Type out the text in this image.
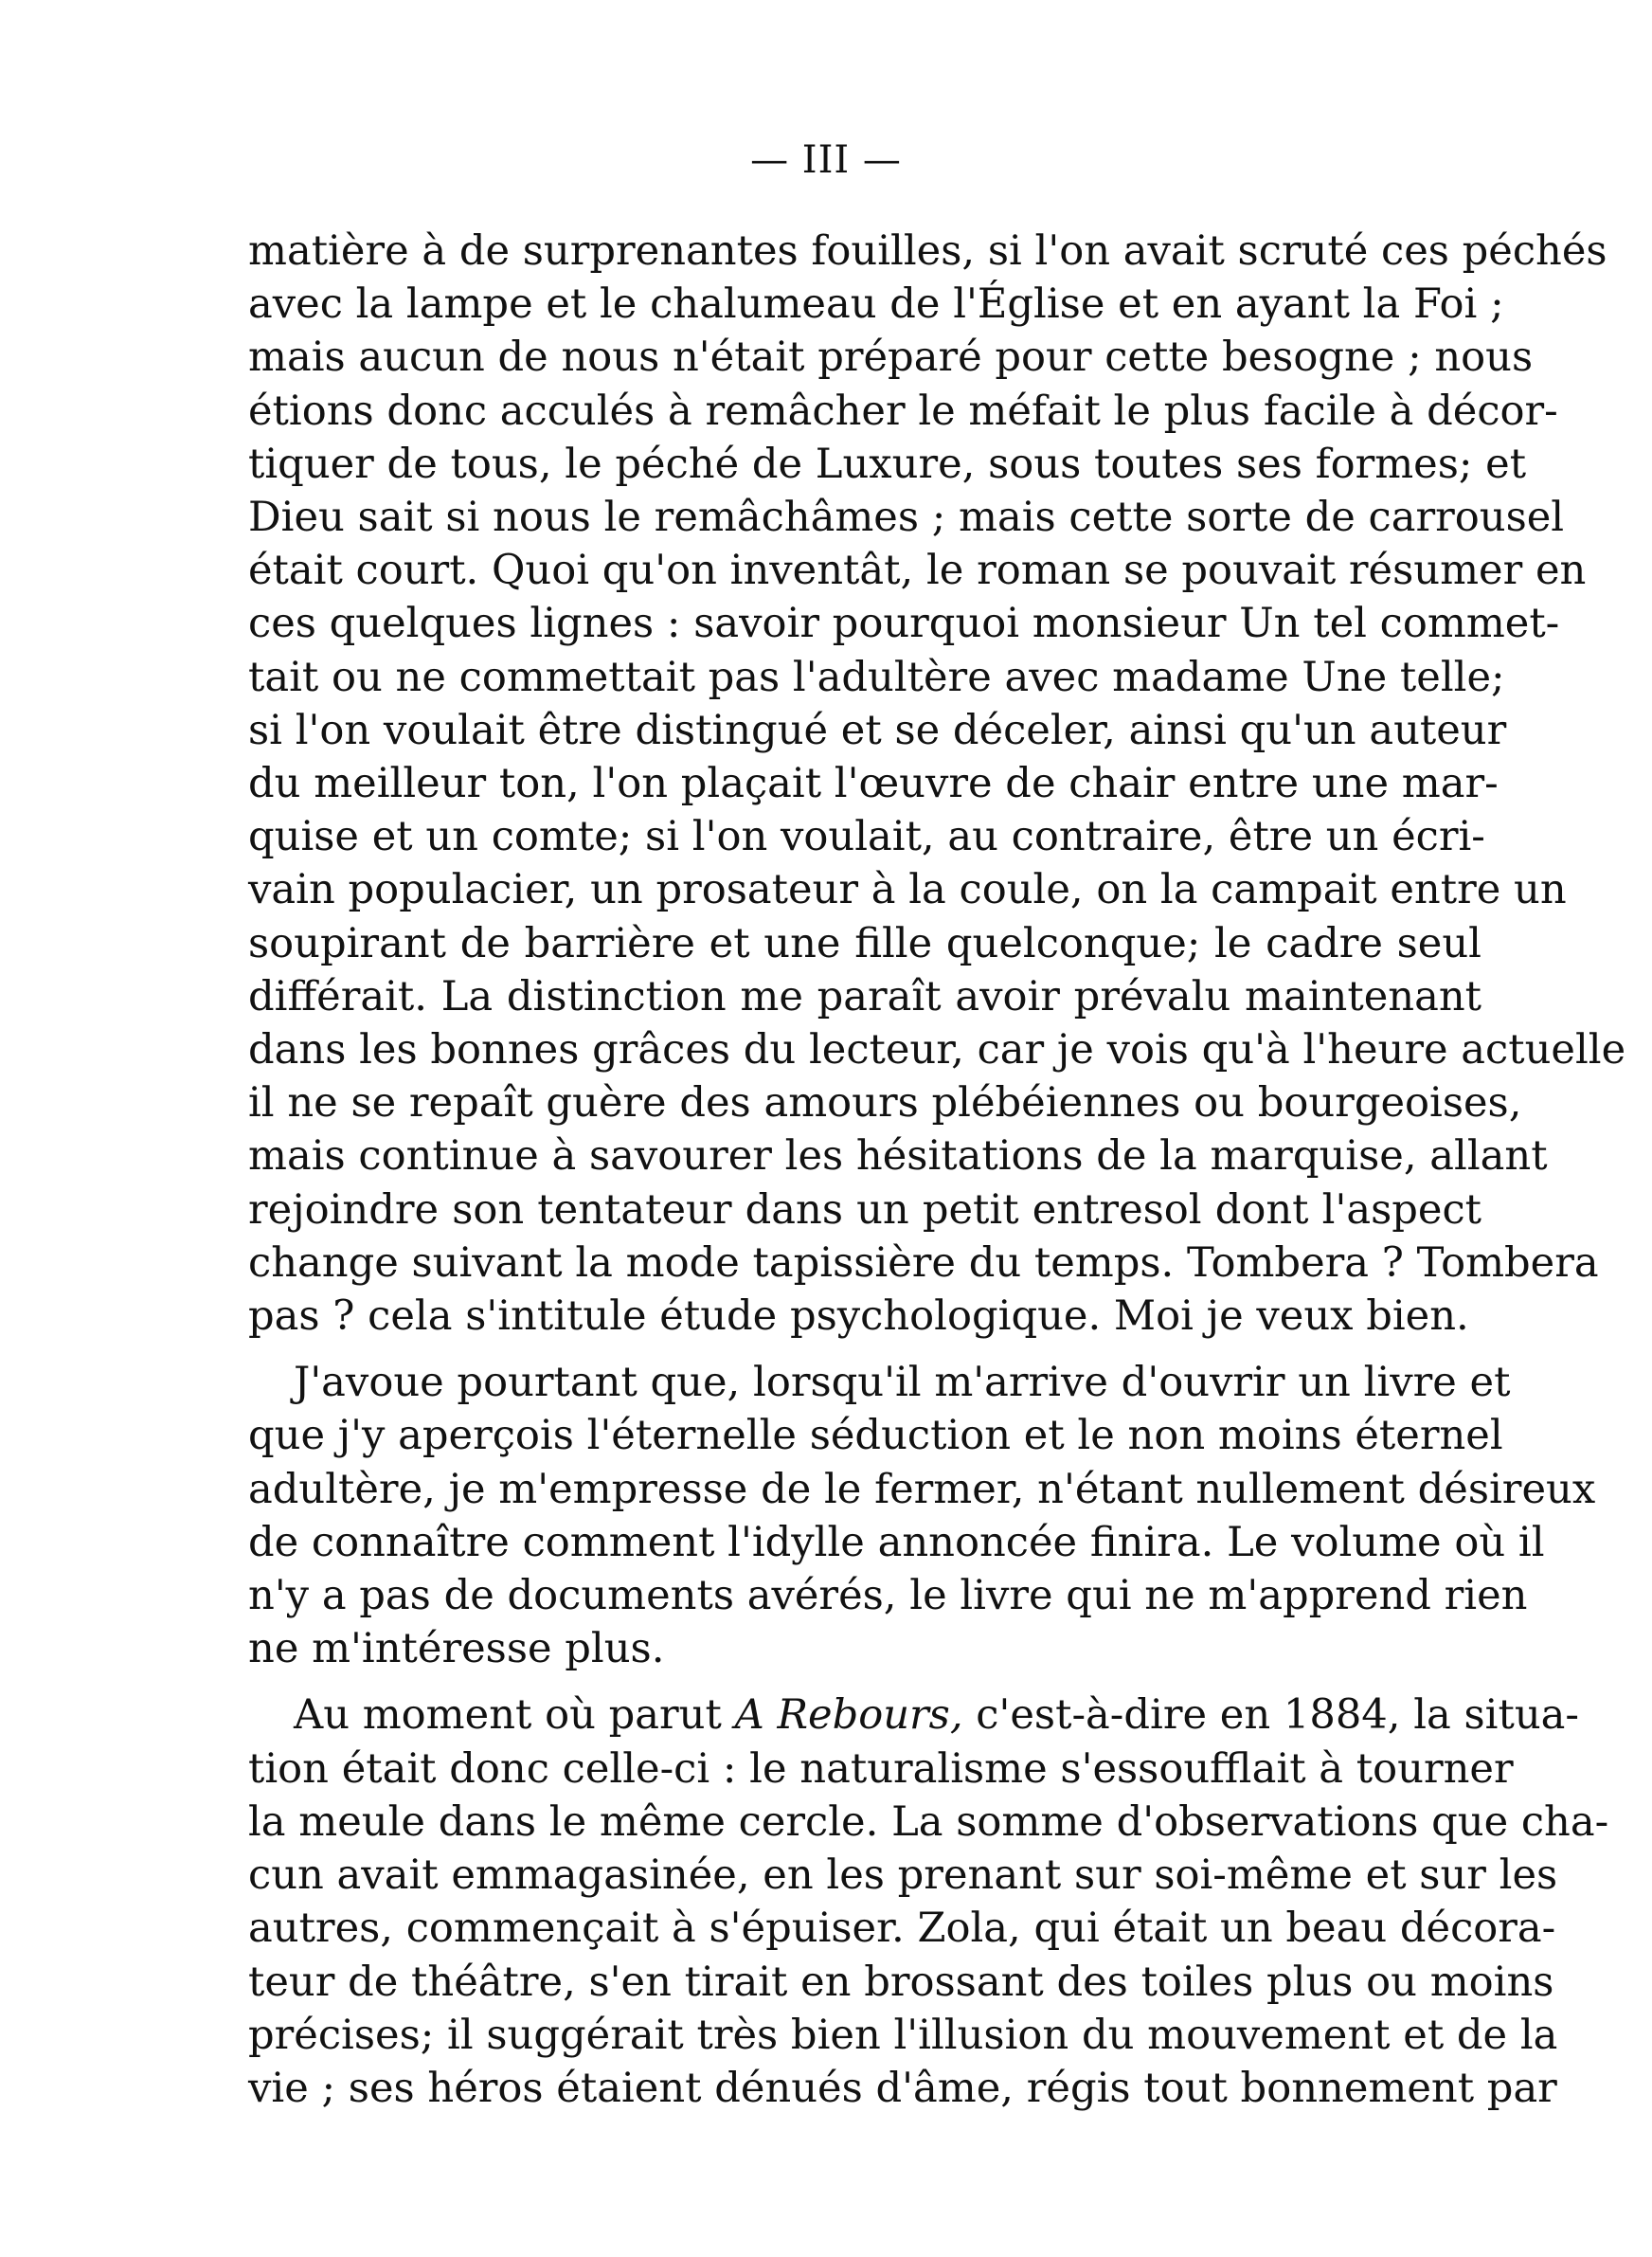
— III —
matière à de surprenantes fouilles, si l'on avait scruté ces péchés
avec la lampe et le chalumeau de l'Église et en ayant la Foi ;
mais aucun de nous n'était préparé pour cette besogne ; nous
étions donc acculés à remâcher le méfait le plus facile à décor-
tiquer de tous, le péché de Luxure, sous toutes ses formes; et
Dieu sait si nous le remâchâmes ; mais cette sorte de carrousel
était court. Quoi qu'on inventât, le roman se pouvait résumer en
ces quelques lignes : savoir pourquoi monsieur Un tel commet-
tait ou ne commettait pas l'adultère avec madame Une telle;
si l'on voulait être distingué et se déceler, ainsi qu'un auteur
du meilleur ton, l'on plaçait l'œuvre de chair entre une mar-
quise et un comte; si l'on voulait, au contraire, être un écri-
vain populacier, un prosateur à la coule, on la campait entre un
soupirant de barrière et une fille quelconque; le cadre seul
différait. La distinction me paraît avoir prévalu maintenant
dans les bonnes grâces du lecteur, car je vois qu'à l'heure actuelle
il ne se repaît guère des amours plébéiennes ou bourgeoises,
mais continue à savourer les hésitations de la marquise, allant
rejoindre son tentateur dans un petit entresol dont l'aspect
change suivant la mode tapissière du temps. Tombera ? Tombera
pas ? cela s'intitule étude psychologique. Moi je veux bien.
J'avoue pourtant que, lorsqu'il m'arrive d'ouvrir un livre et
que j'y aperçois l'éternelle séduction et le non moins éternel
adultère, je m'empresse de le fermer, n'étant nullement désireux
de connaître comment l'idylle annoncée finira. Le volume où il
n'y a pas de documents avérés, le livre qui ne m'apprend rien
ne m'intéresse plus.
Au moment où parut A Rebours, c'est-à-dire en 1884, la situa-
tion était donc celle-ci : le naturalisme s'essoufflait à tourner
la meule dans le même cercle. La somme d'observations que cha-
cun avait emmagasinée, en les prenant sur soi-même et sur les
autres, commençait à s'épuiser. Zola, qui était un beau décora-
teur de théâtre, s'en tirait en brossant des toiles plus ou moins
précises; il suggérait très bien l'illusion du mouvement et de la
vie ; ses héros étaient dénués d'âme, régis tout bonnement par
